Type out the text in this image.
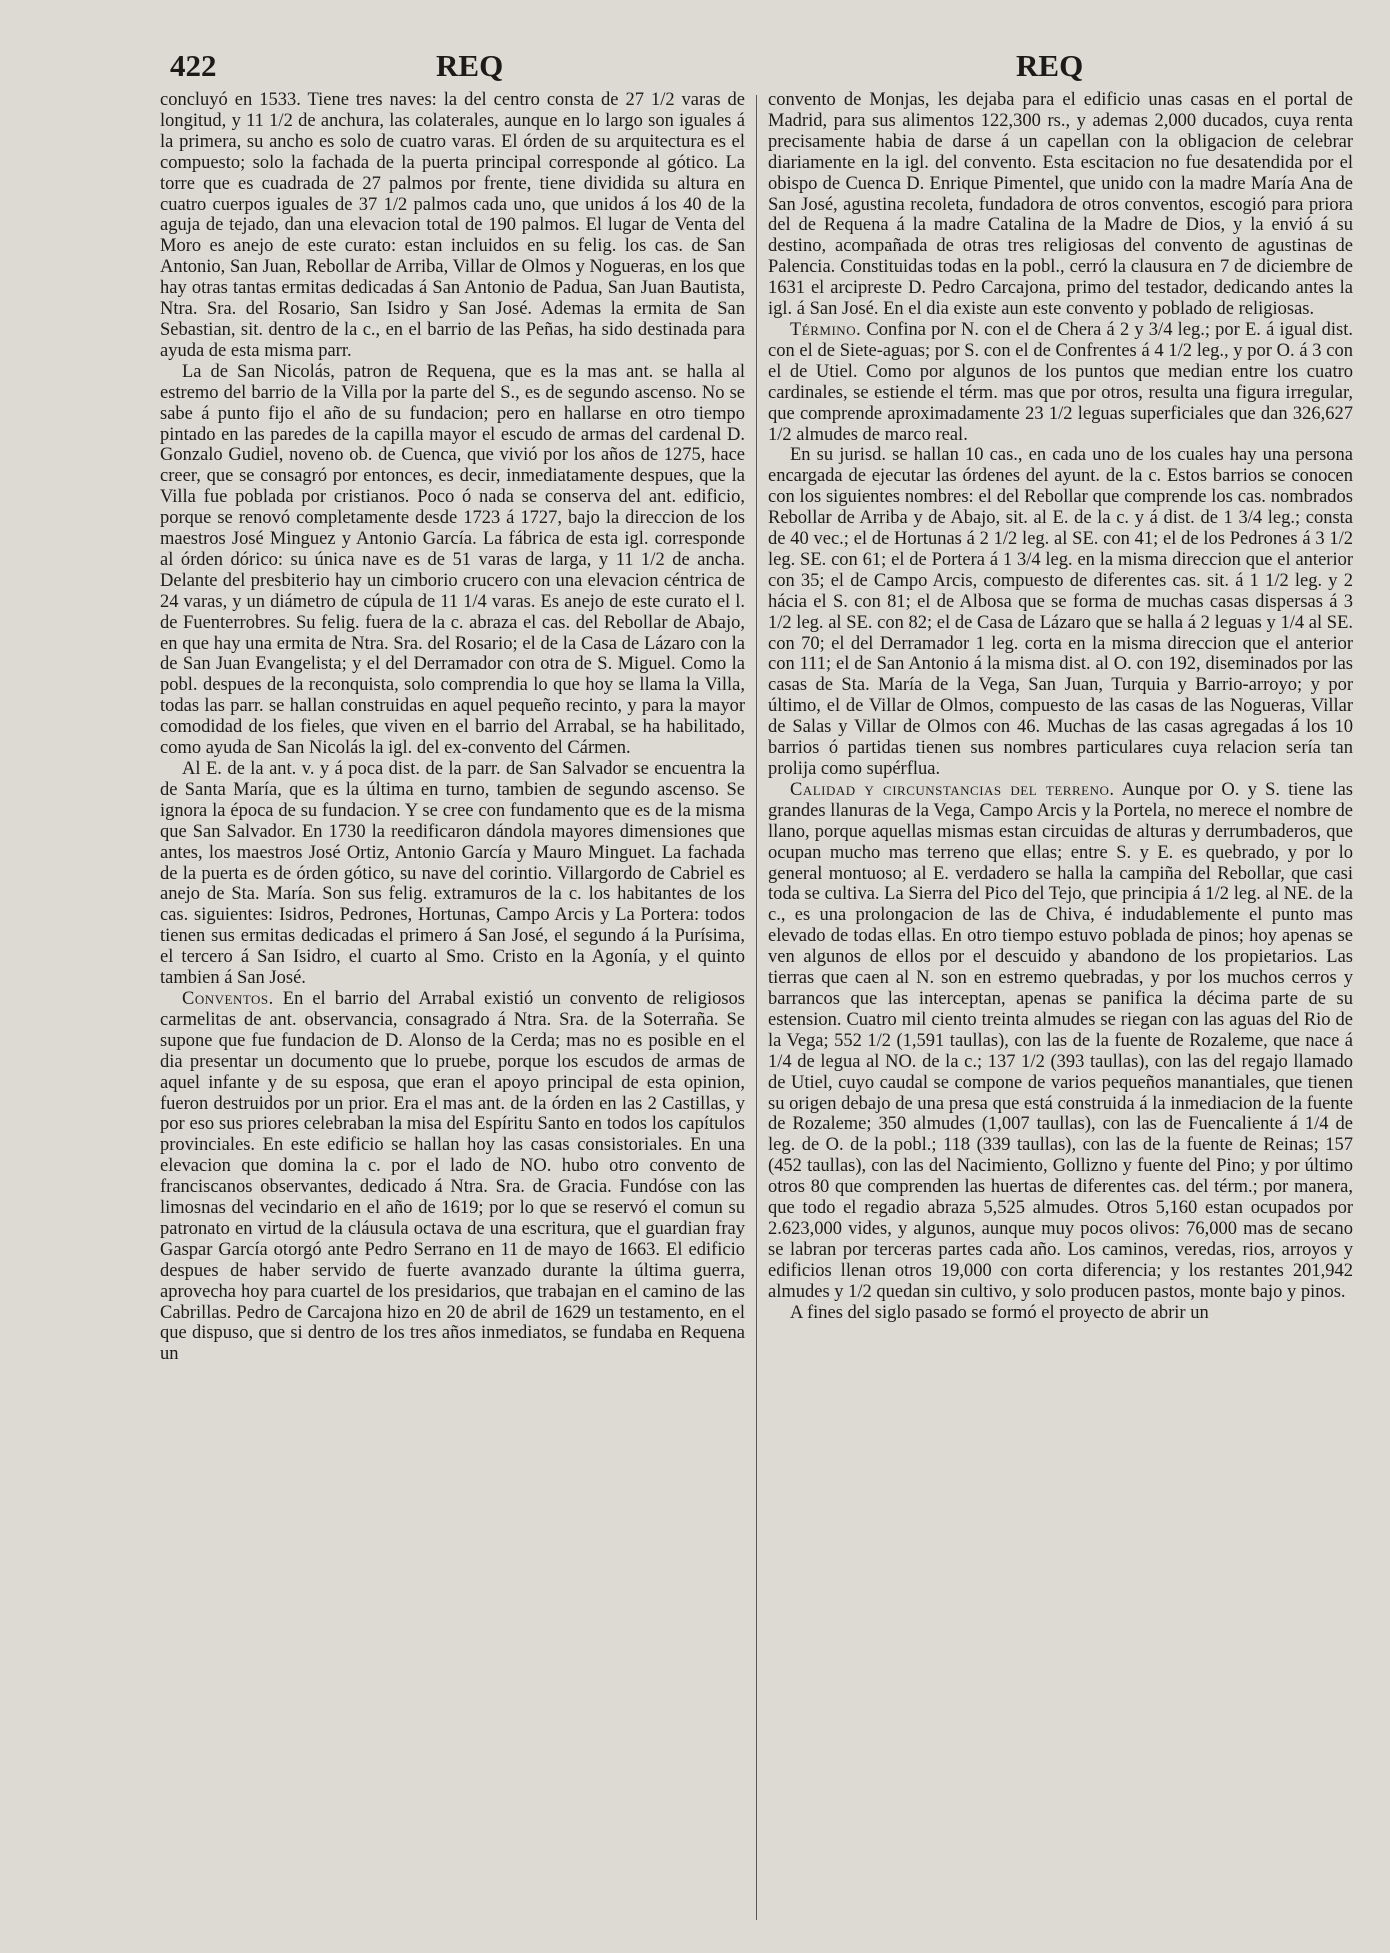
422	REQ	REQ

concluyó en 1533. Tiene tres naves: la del centro consta de 27 1/2 varas de longitud, y 11 1/2 de anchura, las colaterales, aunque en lo largo son iguales á la primera, su ancho es solo de cuatro varas. El órden de su arquitectura es el compuesto; solo la fachada de la puerta principal corresponde al gótico. La torre que es cuadrada de 27 palmos por frente, tiene dividida su altura en cuatro cuerpos iguales de 37 1/2 palmos cada uno, que unidos á los 40 de la aguja de tejado, dan una elevacion total de 190 palmos. El lugar de Venta del Moro es anejo de este curato: estan incluidos en su felig. los cas. de San Antonio, San Juan, Rebollar de Arriba, Villar de Olmos y Nogueras, en los que hay otras tantas ermitas dedicadas á San Antonio de Padua, San Juan Bautista, Ntra. Sra. del Rosario, San Isidro y San José. Ademas la ermita de San Sebastian, sit. dentro de la c., en el barrio de las Peñas, ha sido destinada para ayuda de esta misma parr.

La de San Nicolás, patron de Requena, que es la mas ant. se halla al estremo del barrio de la Villa por la parte del S., es de segundo ascenso. No se sabe á punto fijo el año de su fundacion; pero en hallarse en otro tiempo pintado en las paredes de la capilla mayor el escudo de armas del cardenal D. Gonzalo Gudiel, noveno ob. de Cuenca, que vivió por los años de 1275, hace creer, que se consagró por entonces, es decir, inmediatamente despues, que la Villa fue poblada por cristianos. Poco ó nada se conserva del ant. edificio, porque se renovó completamente desde 1723 á 1727, bajo la direccion de los maestros José Minguez y Antonio García. La fábrica de esta igl. corresponde al órden dórico: su única nave es de 51 varas de larga, y 11 1/2 de ancha. Delante del presbiterio hay un cimborio crucero con una elevacion céntrica de 24 varas, y un diámetro de cúpula de 11 1/4 varas. Es anejo de este curato el l. de Fuenterrobres. Su felig. fuera de la c. abraza el cas. del Rebollar de Abajo, en que hay una ermita de Ntra. Sra. del Rosario; el de la Casa de Lázaro con la de San Juan Evangelista; y el del Derramador con otra de S. Miguel. Como la pobl. despues de la reconquista, solo comprendia lo que hoy se llama la Villa, todas las parr. se hallan construidas en aquel pequeño recinto, y para la mayor comodidad de los fieles, que viven en el barrio del Arrabal, se ha habilitado, como ayuda de San Nicolás la igl. del ex-convento del Cármen.

Al E. de la ant. v. y á poca dist. de la parr. de San Salvador se encuentra la de Santa María, que es la última en turno, tambien de segundo ascenso. Se ignora la época de su fundacion. Y se cree con fundamento que es de la misma que San Salvador. En 1730 la reedificaron dándola mayores dimensiones que antes, los maestros José Ortiz, Antonio García y Mauro Minguet. La fachada de la puerta es de órden gótico, su nave del corintio. Villargordo de Cabriel es anejo de Sta. María. Son sus felig. extramuros de la c. los habitantes de los cas. siguientes: Isidros, Pedrones, Hortunas, Campo Arcis y La Portera: todos tienen sus ermitas dedicadas el primero á San José, el segundo á la Purísima, el tercero á San Isidro, el cuarto al Smo. Cristo en la Agonía, y el quinto tambien á San José.

Conventos. En el barrio del Arrabal existió un convento de religiosos carmelitas de ant. observancia, consagrado á Ntra. Sra. de la Soterraña. Se supone que fue fundacion de D. Alonso de la Cerda; mas no es posible en el dia presentar un documento que lo pruebe, porque los escudos de armas de aquel infante y de su esposa, que eran el apoyo principal de esta opinion, fueron destruidos por un prior. Era el mas ant. de la órden en las 2 Castillas, y por eso sus priores celebraban la misa del Espíritu Santo en todos los capítulos provinciales. En este edificio se hallan hoy las casas consistoriales. En una elevacion que domina la c. por el lado de NO. hubo otro convento de franciscanos observantes, dedicado á Ntra. Sra. de Gracia. Fundóse con las limosnas del vecindario en el año de 1619; por lo que se reservó el comun su patronato en virtud de la cláusula octava de una escritura, que el guardian fray Gaspar García otorgó ante Pedro Serrano en 11 de mayo de 1663. El edificio despues de haber servido de fuerte avanzado durante la última guerra, aprovecha hoy para cuartel de los presidarios, que trabajan en el camino de las Cabrillas. Pedro de Carcajona hizo en 20 de abril de 1629 un testamento, en el que dispuso, que si dentro de los tres años inmediatos, se fundaba en Requena un

convento de Monjas, les dejaba para el edificio unas casas en el portal de Madrid, para sus alimentos 122,300 rs., y ademas 2,000 ducados, cuya renta precisamente habia de darse á un capellan con la obligacion de celebrar diariamente en la igl. del convento. Esta escitacion no fue desatendida por el obispo de Cuenca D. Enrique Pimentel, que unido con la madre María Ana de San José, agustina recoleta, fundadora de otros conventos, escogió para priora del de Requena á la madre Catalina de la Madre de Dios, y la envió á su destino, acompañada de otras tres religiosas del convento de agustinas de Palencia. Constituidas todas en la pobl., cerró la clausura en 7 de diciembre de 1631 el arcipreste D. Pedro Carcajona, primo del testador, dedicando antes la igl. á San José. En el dia existe aun este convento y poblado de religiosas.

Término. Confina por N. con el de Chera á 2 y 3/4 leg.; por E. á igual dist. con el de Siete-aguas; por S. con el de Confrentes á 4 1/2 leg., y por O. á 3 con el de Utiel. Como por algunos de los puntos que median entre los cuatro cardinales, se estiende el térm. mas que por otros, resulta una figura irregular, que comprende aproximadamente 23 1/2 leguas superficiales que dan 326,627 1/2 almudes de marco real.

En su jurisd. se hallan 10 cas., en cada uno de los cuales hay una persona encargada de ejecutar las órdenes del ayunt. de la c. Estos barrios se conocen con los siguientes nombres: el del Rebollar que comprende los cas. nombrados Rebollar de Arriba y de Abajo, sit. al E. de la c. y á dist. de 1 3/4 leg.; consta de 40 vec.; el de Hortunas á 2 1/2 leg. al SE. con 41; el de los Pedrones á 3 1/2 leg. SE. con 61; el de Portera á 1 3/4 leg. en la misma direccion que el anterior con 35; el de Campo Arcis, compuesto de diferentes cas. sit. á 1 1/2 leg. y 2 hácia el S. con 81; el de Albosa que se forma de muchas casas dispersas á 3 1/2 leg. al SE. con 82; el de Casa de Lázaro que se halla á 2 leguas y 1/4 al SE. con 70; el del Derramador 1 leg. corta en la misma direccion que el anterior con 111; el de San Antonio á la misma dist. al O. con 192, diseminados por las casas de Sta. María de la Vega, San Juan, Turquia y Barrio-arroyo; y por último, el de Villar de Olmos, compuesto de las casas de las Nogueras, Villar de Salas y Villar de Olmos con 46. Muchas de las casas agregadas á los 10 barrios ó partidas tienen sus nombres particulares cuya relacion sería tan prolija como supérflua.

Calidad y circunstancias del terreno. Aunque por O. y S. tiene las grandes llanuras de la Vega, Campo Arcis y la Portela, no merece el nombre de llano, porque aquellas mismas estan circuidas de alturas y derrumbaderos, que ocupan mucho mas terreno que ellas; entre S. y E. es quebrado, y por lo general montuoso; al E. verdadero se halla la campiña del Rebollar, que casi toda se cultiva. La Sierra del Pico del Tejo, que principia á 1/2 leg. al NE. de la c., es una prolongacion de las de Chiva, é indudablemente el punto mas elevado de todas ellas. En otro tiempo estuvo poblada de pinos; hoy apenas se ven algunos de ellos por el descuido y abandono de los propietarios. Las tierras que caen al N. son en estremo quebradas, y por los muchos cerros y barrancos que las interceptan, apenas se panifica la décima parte de su estension. Cuatro mil ciento treinta almudes se riegan con las aguas del Rio de la Vega; 552 1/2 (1,591 taullas), con las de la fuente de Rozaleme, que nace á 1/4 de legua al NO. de la c.; 137 1/2 (393 taullas), con las del regajo llamado de Utiel, cuyo caudal se compone de varios pequeños manantiales, que tienen su origen debajo de una presa que está construida á la inmediacion de la fuente de Rozaleme; 350 almudes (1,007 taullas), con las de Fuencaliente á 1/4 de leg. de O. de la pobl.; 118 (339 taullas), con las de la fuente de Reinas; 157 (452 taullas), con las del Nacimiento, Gollizno y fuente del Pino; y por último otros 80 que comprenden las huertas de diferentes cas. del térm.; por manera, que todo el regadio abraza 5,525 almudes. Otros 5,160 estan ocupados por 2.623,000 vides, y algunos, aunque muy pocos olivos: 76,000 mas de secano se labran por terceras partes cada año. Los caminos, veredas, rios, arroyos y edificios llenan otros 19,000 con corta diferencia; y los restantes 201,942 almudes y 1/2 quedan sin cultivo, y solo producen pastos, monte bajo y pinos.

A fines del siglo pasado se formó el proyecto de abrir un
